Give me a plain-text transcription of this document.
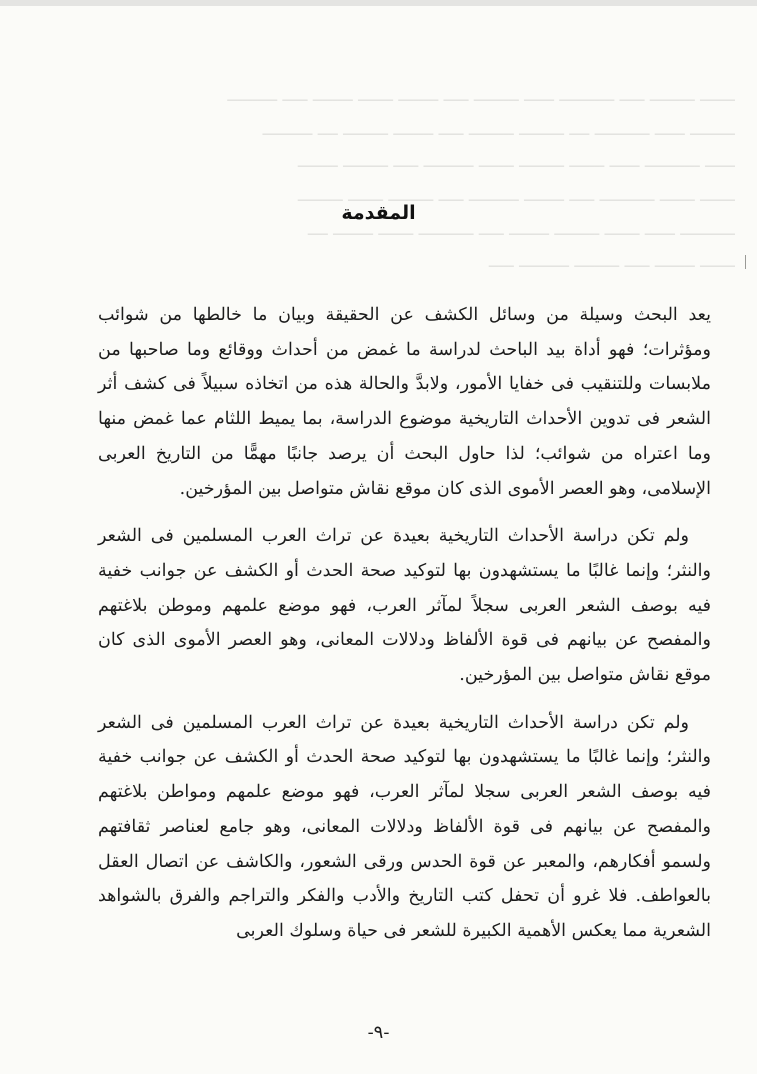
ـــــــ ـــــــــ ـــــ ـــــــــــ ــــــ ـــــــــ ـــــ ــــــــ ـــــــ ــــــــ ـــــ ــــــــــ
ـــــــــ ــــــ ـــــــــــ ــــ ـــــــــ ـــــــــ ـــــ ــــــــ ـــــــــ ــــ ــــــــــ
ــــــ ـــــــــــ ــــــ ـــــــ ـــــــــ ـــــــ ــــــــــ ـــــ ـــــــــ ــــــــ
ـــــــ ـــــــ ـــــــــــ ـــــ ــــــــ ــــــــــ ـــــ ـــــــــ ـــــــ ـــــــــ
ـــــــــــ ــــــ ـــــــ ـــــــــ ــــــــ ـــــ ـــــــــــ ـــــــ ــــــــ ــــ
ـــــــ ــــــــ ـــــ ـــــــــ ــــــــــ ـــــ
المقدمة

يعد البحث وسيلة من وسائل الكشف عن الحقيقة وبيان ما خالطها من شوائب ومؤثرات؛ فهو أداة بيد الباحث لدراسة ما غمض من أحداث ووقائع وما صاحبها من ملابسات وللتنقيب فى خفايا الأمور، ولابدَّ والحالة هذه من اتخاذه سبيلاً فى كشف أثر الشعر فى تدوين الأحداث التاريخية موضوع الدراسة، بما يميط اللثام عما غمض منها وما اعتراه من شوائب؛ لذا حاول البحث أن يرصد جانبًا مهمًّا من التاريخ العربى الإسلامى، وهو العصر الأموى الذى كان موقع نقاش متواصل بين المؤرخين.

ولم تكن دراسة الأحداث التاريخية بعيدة عن تراث العرب المسلمين فى الشعر والنثر؛ وإنما غالبًا ما يستشهدون بها لتوكيد صحة الحدث أو الكشف عن جوانب خفية فيه بوصف الشعر العربى سجلاً لمآثر العرب، فهو موضع علمهم وموطن بلاغتهم والمفصح عن بيانهم فى قوة الألفاظ ودلالات المعانى، وهو العصر الأموى الذى كان موقع نقاش متواصل بين المؤرخين.

ولم تكن دراسة الأحداث التاريخية بعيدة عن تراث العرب المسلمين فى الشعر والنثر؛ وإنما غالبًا ما يستشهدون بها لتوكيد صحة الحدث أو الكشف عن جوانب خفية فيه بوصف الشعر العربى سجلا لمآثر العرب، فهو موضع علمهم ومواطن بلاغتهم والمفصح عن بيانهم فى قوة الألفاظ ودلالات المعانى، وهو جامع لعناصر ثقافتهم ولسمو أفكارهم، والمعبر عن قوة الحدس ورقى الشعور، والكاشف عن اتصال العقل بالعواطف. فلا غرو أن تحفل كتب التاريخ والأدب والفكر والتراجم والفرق بالشواهد الشعرية مما يعكس الأهمية الكبيرة للشعر فى حياة وسلوك العربى

-٩-
